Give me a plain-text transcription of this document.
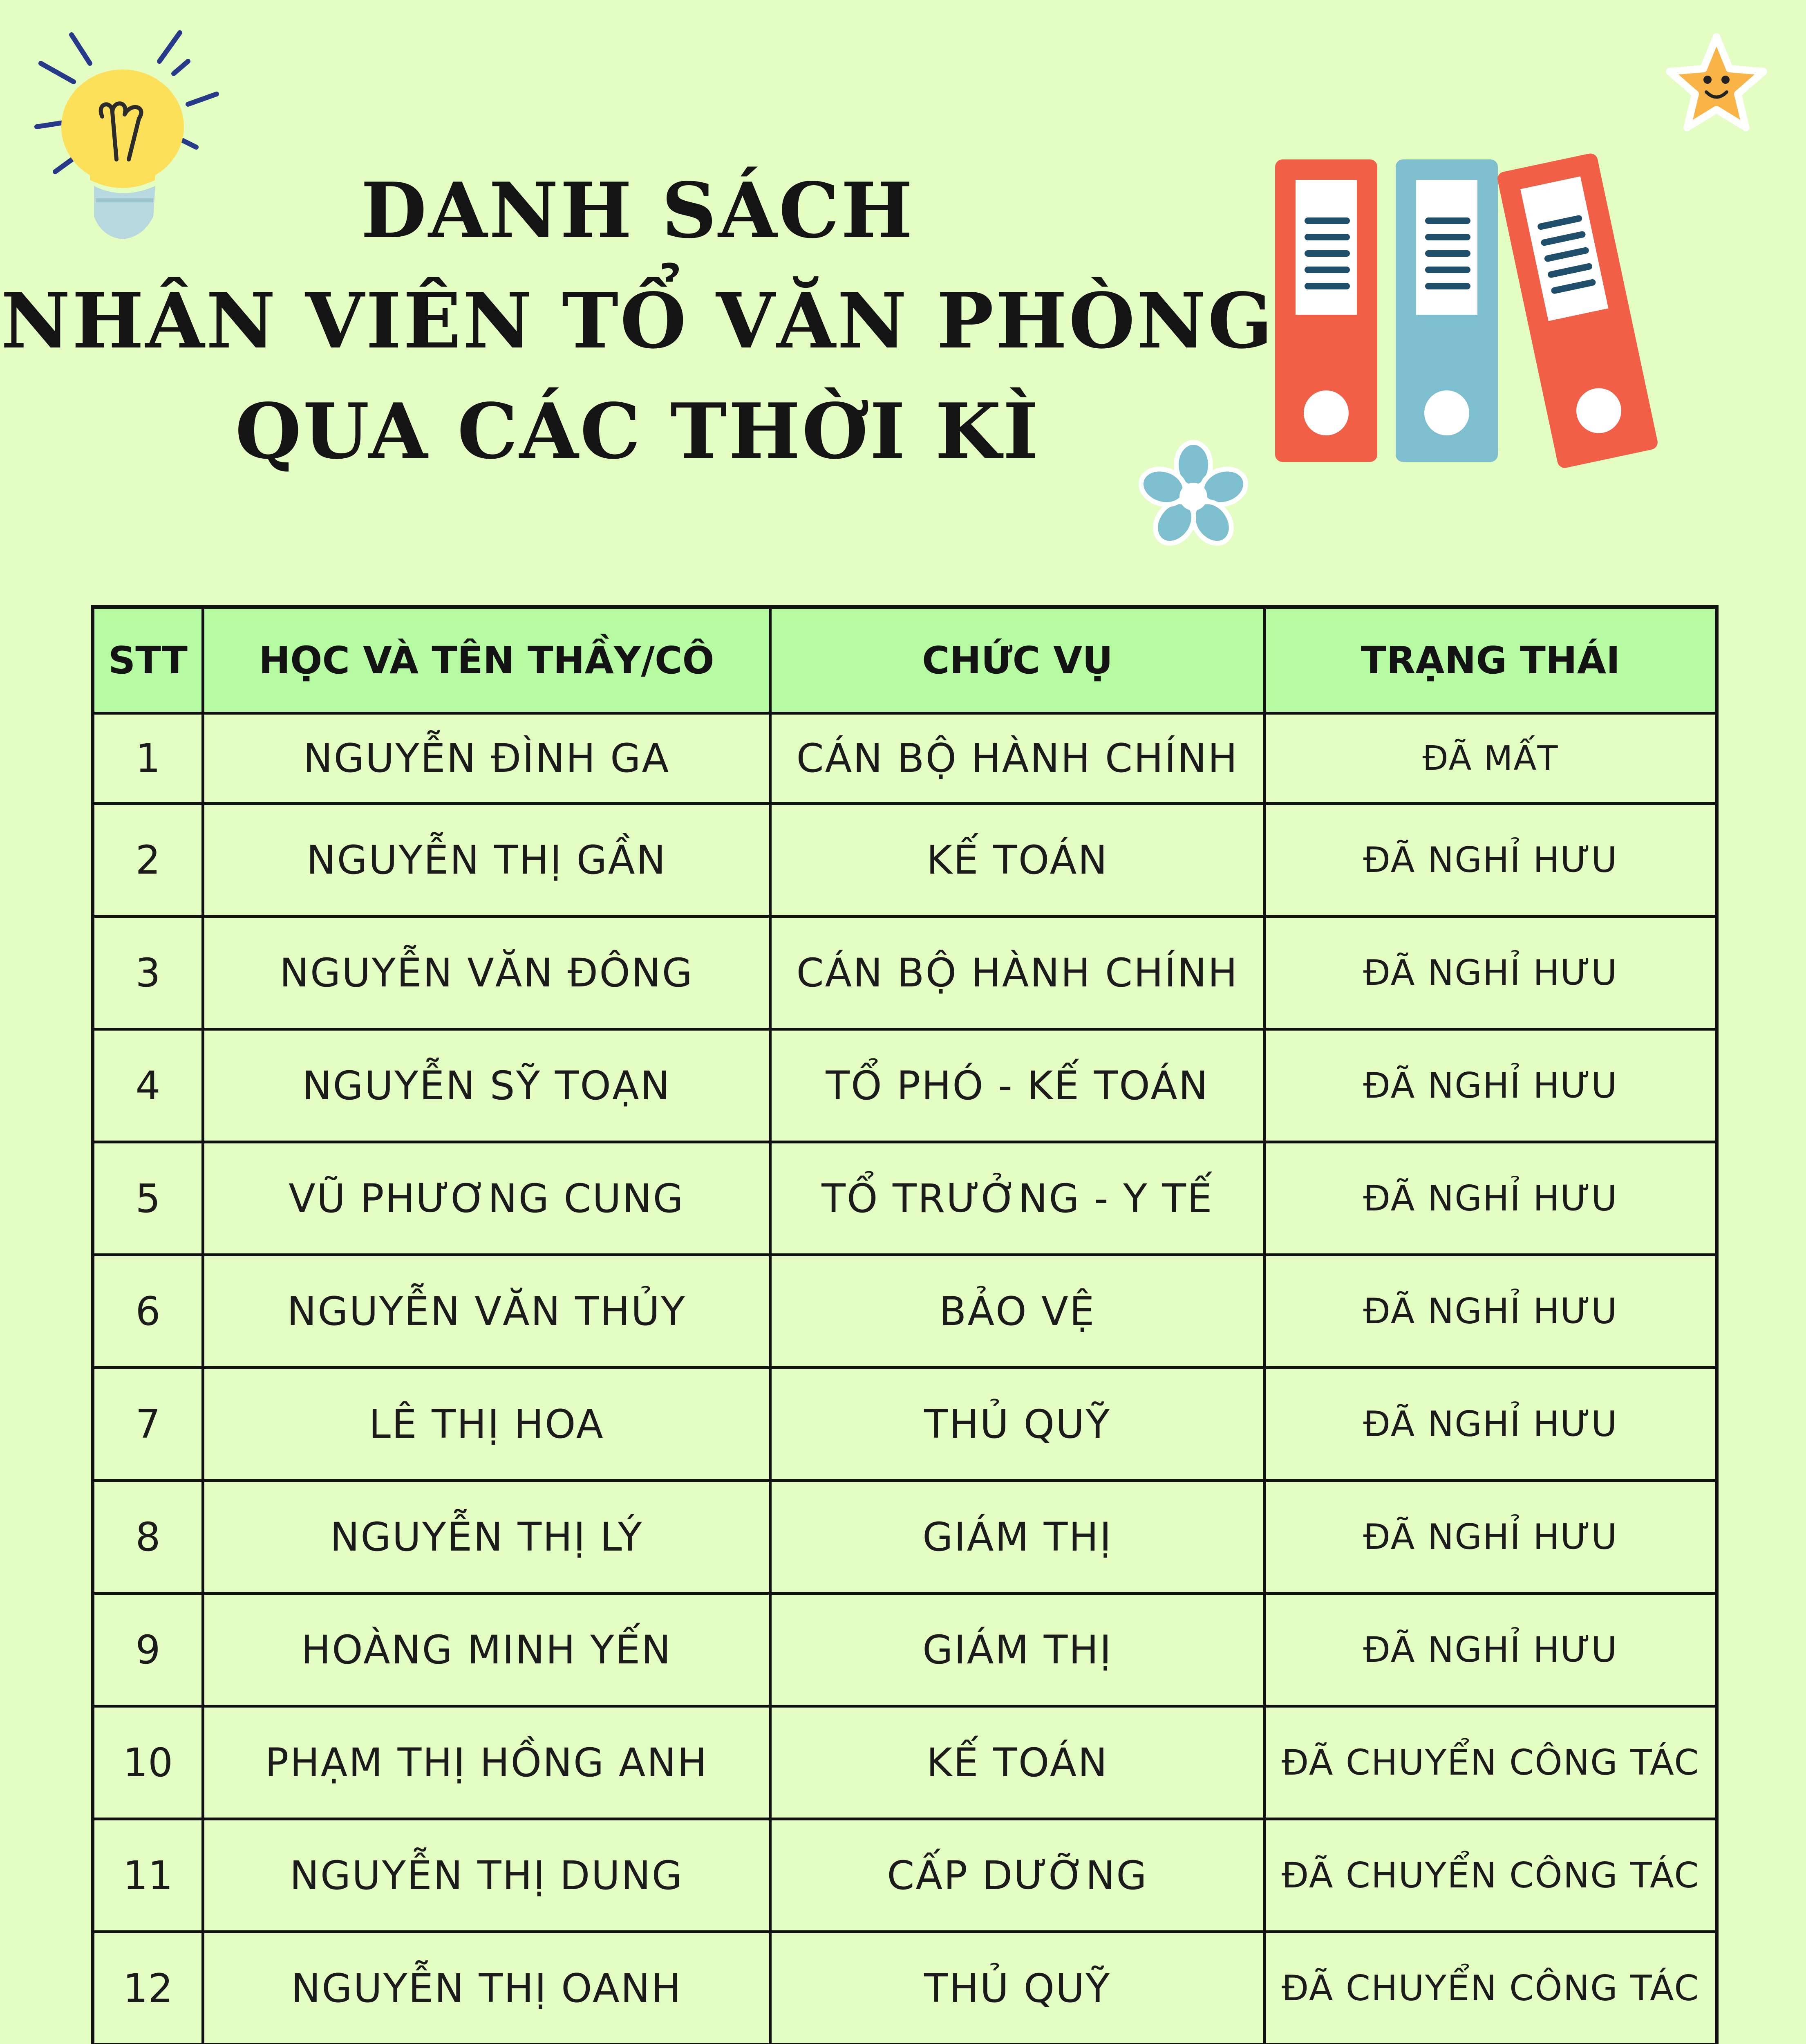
DANH SÁCH
NHÂN VIÊN TỔ VĂN PHÒNG
QUA CÁC THỜI KÌ
STT	HỌC VÀ TÊN THẦY/CÔ	CHỨC VỤ	TRẠNG THÁI
1	NGUYỄN ĐÌNH GA	CÁN BỘ HÀNH CHÍNH	ĐÃ MẤT
2	NGUYỄN THỊ GẦN	KẾ TOÁN	ĐÃ NGHỈ HƯU
3	NGUYỄN VĂN ĐÔNG	CÁN BỘ HÀNH CHÍNH	ĐÃ NGHỈ HƯU
4	NGUYỄN SỸ TOẠN	TỔ PHÓ - KẾ TOÁN	ĐÃ NGHỈ HƯU
5	VŨ PHƯƠNG CUNG	TỔ TRƯỞNG - Y TẾ	ĐÃ NGHỈ HƯU
6	NGUYỄN VĂN THỦY	BẢO VỆ	ĐÃ NGHỈ HƯU
7	LÊ THỊ HOA	THỦ QUỸ	ĐÃ NGHỈ HƯU
8	NGUYỄN THỊ LÝ	GIÁM THỊ	ĐÃ NGHỈ HƯU
9	HOÀNG MINH YẾN	GIÁM THỊ	ĐÃ NGHỈ HƯU
10	PHẠM THỊ HỒNG ANH	KẾ TOÁN	ĐÃ CHUYỂN CÔNG TÁC
11	NGUYỄN THỊ DUNG	CẤP DƯỠNG	ĐÃ CHUYỂN CÔNG TÁC
12	NGUYỄN THỊ OANH	THỦ QUỸ	ĐÃ CHUYỂN CÔNG TÁC
